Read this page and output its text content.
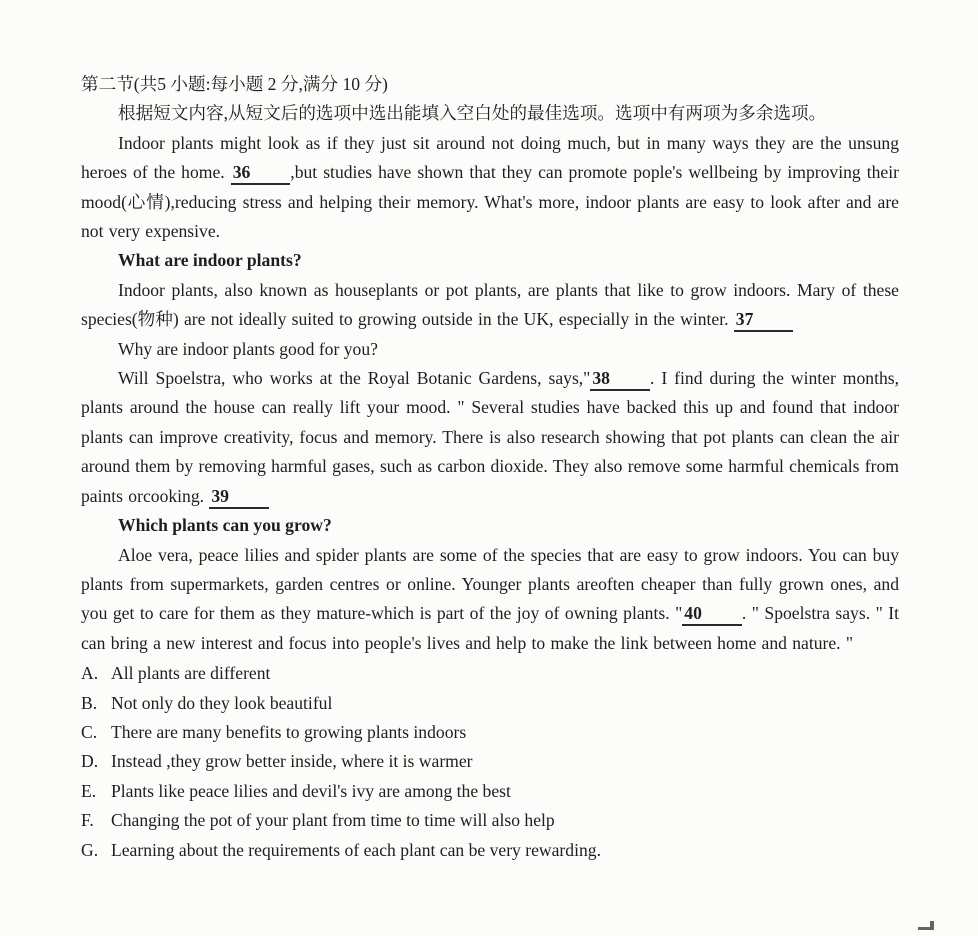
第二节(共5 小题:每小题 2 分,满分 10 分)

根据短文内容,从短文后的选项中选出能填入空白处的最佳选项。选项中有两项为多余选项。

Indoor plants might look as if they just sit around not doing much, but in many ways they are the unsung heroes of the home. 36 ,but studies have shown that they can promote pople's wellbeing by improving their mood(心情),reducing stress and helping their memory. What's more, indoor plants are easy to look after and are not very expensive.

What are indoor plants?

Indoor plants, also known as houseplants or pot plants, are plants that like to grow indoors. Mary of these species(物种) are not ideally suited to growing outside in the UK, especially in the winter. 37

Why are indoor plants good for you?

Will Spoelstra, who works at the Royal Botanic Gardens, says," 38 . I find during the winter months, plants around the house can really lift your mood. " Several studies have backed this up and found that indoor plants can improve creativity, focus and memory. There is also research showing that pot plants can clean the air around them by removing harmful gases, such as carbon dioxide. They also remove some harmful chemicals from paints orcooking. 39

Which plants can you grow?

Aloe vera, peace lilies and spider plants are some of the species that are easy to grow indoors. You can buy plants from supermarkets, garden centres or online. Younger plants areoften cheaper than fully grown ones, and you get to care for them as they mature-which is part of the joy of owning plants. " 40 . " Spoelstra says. " It can bring a new interest and focus into people's lives and help to make the link between home and nature. "

A. All plants are different
B. Not only do they look beautiful
C. There are many benefits to growing plants indoors
D. Instead ,they grow better inside, where it is warmer
E. Plants like peace lilies and devil's ivy are among the best
F. Changing the pot of your plant from time to time will also help
G. Learning about the requirements of each plant can be very rewarding.
